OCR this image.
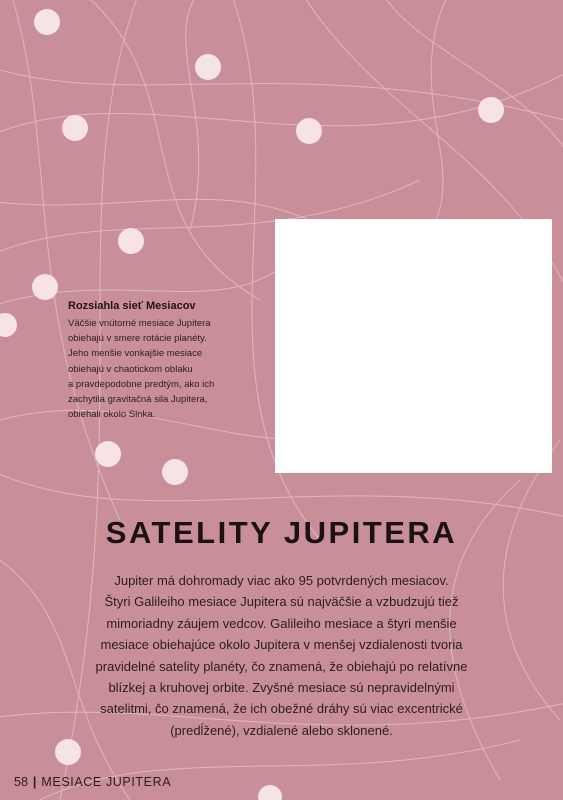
Rozsiahla sieť Mesiacov
Väčšie vnútorné mesiace Jupitera
obiehajú v smere rotácie planéty.
Jeho menšie vonkajšie mesiace
obiehajú v chaotickom oblaku
a pravdepodobne predtým, ako ich
zachytila gravitačná sila Jupitera,
obiehali okolo Slnka.
SATELITY JUPITERA
Jupiter má dohromady viac ako 95 potvrdených mesiacov.
Štyri Galileiho mesiace Jupitera sú najväčšie a vzbudzujú tiež
mimoriadny záujem vedcov. Galileiho mesiace a štyri menšie
mesiace obiehajúce okolo Jupitera v menšej vzdialenosti tvoria
pravidelné satelity planéty, čo znamená, že obiehajú po relatívne
blízkej a kruhovej orbite. Zvyšné mesiace sú nepravidelnými
satelitmi, čo znamená, že ich obežné dráhy sú viac excentrické
(predĺžené), vzdialené alebo sklonené.
58 | MESIACE JUPITERA
